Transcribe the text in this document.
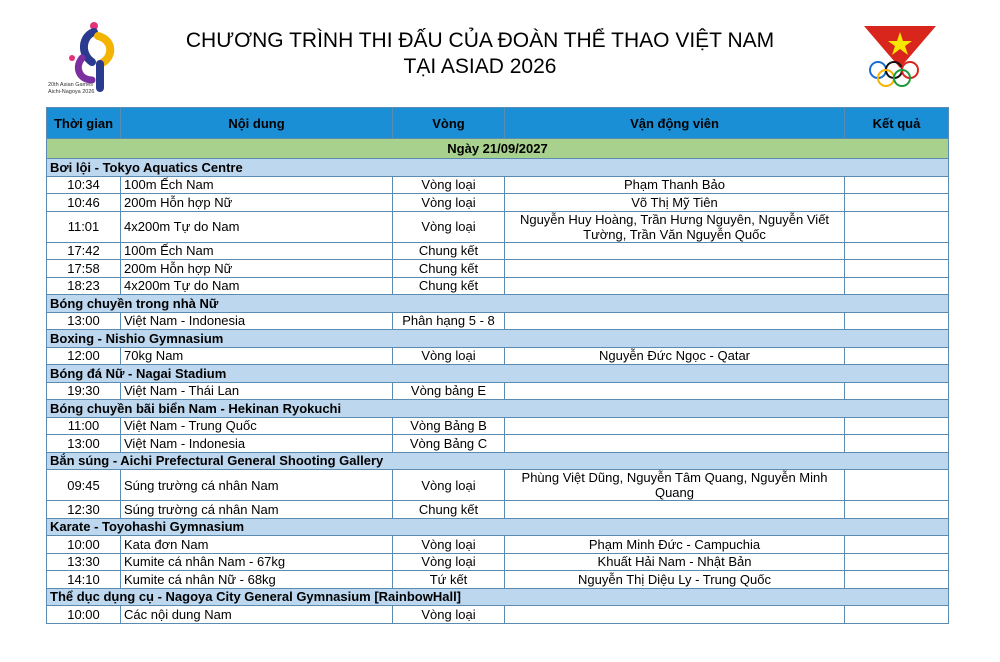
20th Asian Games
Aichi-Nagoya 2026
CHƯƠNG TRÌNH THI ĐẤU CỦA ĐOÀN THỂ THAO VIỆT NAM
TẠI ASIAD 2026
Thời gian	Nội dung	Vòng	Vận động viên	Kết quả
Ngày 21/09/2027				
Bơi lội - Tokyo Aquatics Centre				
10:34	100m Ếch Nam	Vòng loại	Phạm Thanh Bảo	
10:46	200m Hỗn hợp Nữ	Vòng loại	Võ Thị Mỹ Tiên	
11:01	4x200m Tự do Nam	Vòng loại	Nguyễn Huy Hoàng, Trần Hưng Nguyên, Nguyễn Viết Tường, Trần Văn Nguyễn Quốc	
17:42	100m Ếch Nam	Chung kết		
17:58	200m Hỗn hợp Nữ	Chung kết		
18:23	4x200m Tự do Nam	Chung kết		
Bóng chuyền trong nhà Nữ				
13:00	Việt Nam - Indonesia	Phân hạng 5 - 8		
Boxing - Nishio Gymnasium				
12:00	70kg Nam	Vòng loại	Nguyễn Đức Ngọc - Qatar	
Bóng đá Nữ - Nagai Stadium				
19:30	Việt Nam - Thái Lan	Vòng bảng E		
Bóng chuyền bãi biển Nam - Hekinan Ryokuchi				
11:00	Việt Nam - Trung Quốc	Vòng Bảng B		
13:00	Việt Nam - Indonesia	Vòng Bảng C		
Bắn súng - Aichi Prefectural General Shooting Gallery				
09:45	Súng trường cá nhân Nam	Vòng loại	Phùng Việt Dũng, Nguyễn Tâm Quang, Nguyễn Minh Quang	
12:30	Súng trường cá nhân Nam	Chung kết		
Karate - Toyohashi Gymnasium				
10:00	Kata đơn Nam	Vòng loại	Phạm Minh Đức - Campuchia	
13:30	Kumite cá nhân Nam - 67kg	Vòng loại	Khuất Hải Nam - Nhật Bản	
14:10	Kumite cá nhân Nữ - 68kg	Tứ kết	Nguyễn Thị Diệu Ly - Trung Quốc	
Thể dục dụng cụ - Nagoya City General Gymnasium [RainbowHall]				
10:00	Các nội dung Nam	Vòng loại		
